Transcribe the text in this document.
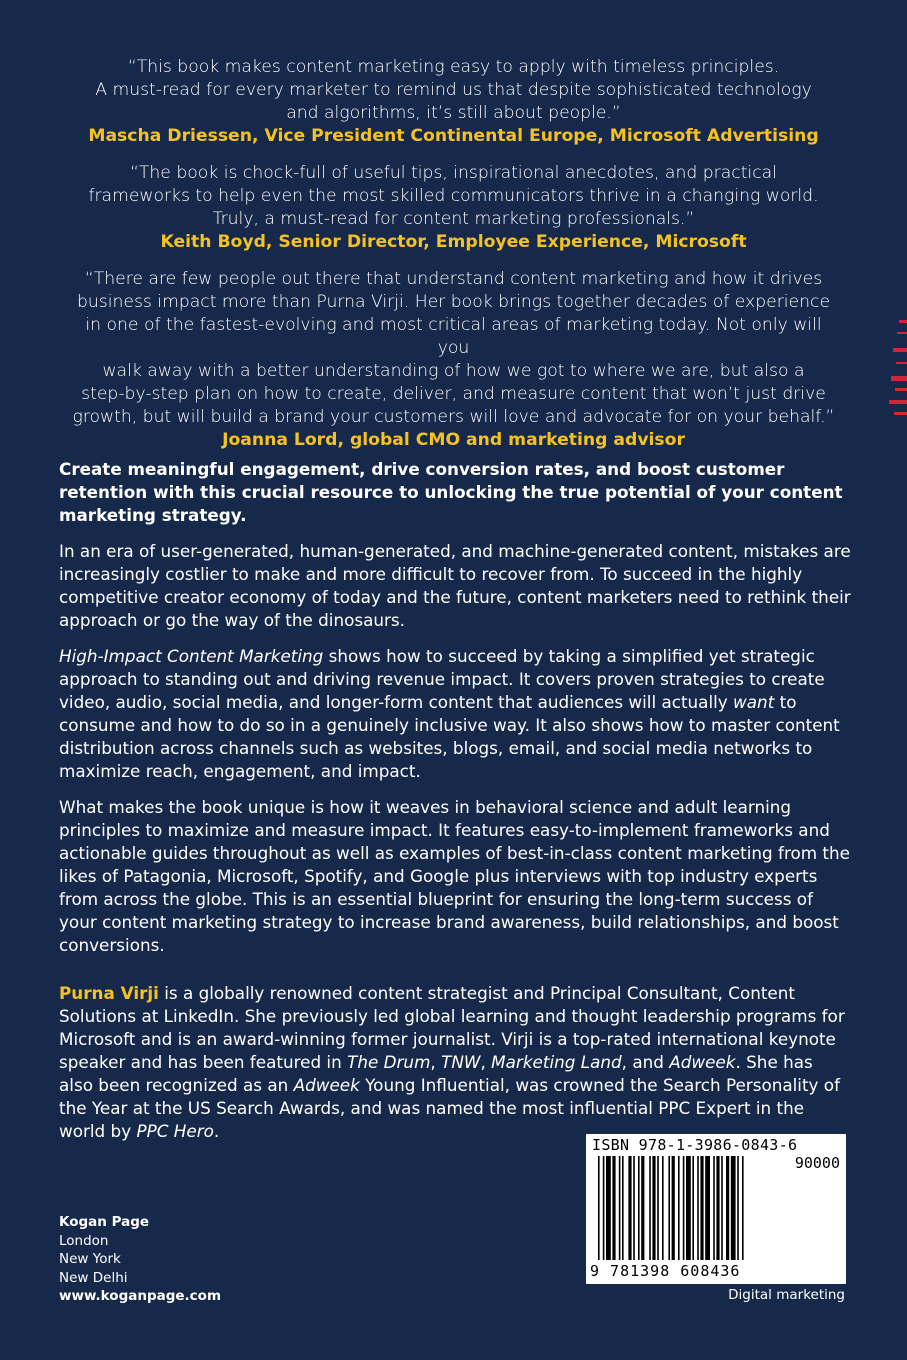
“This book makes content marketing easy to apply with timeless principles.

A must-read for every marketer to remind us that despite sophisticated technology

and algorithms, it’s still about people.”

Mascha Driessen, Vice President Continental Europe, Microsoft Advertising

“The book is chock-full of useful tips, inspirational anecdotes, and practical

frameworks to help even the most skilled communicators thrive in a changing world.

Truly, a must-read for content marketing professionals.”

Keith Boyd, Senior Director, Employee Experience, Microsoft

“There are few people out there that understand content marketing and how it drives

business impact more than Purna Virji. Her book brings together decades of experience

in one of the fastest-evolving and most critical areas of marketing today. Not only will you

walk away with a better understanding of how we got to where we are, but also a

step-by-step plan on how to create, deliver, and measure content that won’t just drive

growth, but will build a brand your customers will love and advocate for on your behalf.”

Joanna Lord, global CMO and marketing advisor

Create meaningful engagement, drive conversion rates, and boost customer retention with this crucial resource to unlocking the true potential of your content marketing strategy.

In an era of user-generated, human-generated, and machine-generated content, mistakes are increasingly costlier to make and more difficult to recover from. To succeed in the highly competitive creator economy of today and the future, content marketers need to rethink their approach or go the way of the dinosaurs.

High-Impact Content Marketing shows how to succeed by taking a simplified yet strategic approach to standing out and driving revenue impact. It covers proven strategies to create video, audio, social media, and longer-form content that audiences will actually want to consume and how to do so in a genuinely inclusive way. It also shows how to master content distribution across channels such as websites, blogs, email, and social media networks to maximize reach, engagement, and impact.

What makes the book unique is how it weaves in behavioral science and adult learning principles to maximize and measure impact. It features easy-to-implement frameworks and actionable guides throughout as well as examples of best-in-class content marketing from the likes of Patagonia, Microsoft, Spotify, and Google plus interviews with top industry experts from across the globe. This is an essential blueprint for ensuring the long-term success of your content marketing strategy to increase brand awareness, build relationships, and boost conversions.

Purna Virji is a globally renowned content strategist and Principal Consultant, Content Solutions at LinkedIn. She previously led global learning and thought leadership programs for Microsoft and is an award-winning former journalist. Virji is a top-rated international keynote speaker and has been featured in The Drum, TNW, Marketing Land, and Adweek. She has also been recognized as an Adweek Young Influential, was crowned the Search Personality of the Year at the US Search Awards, and was named the most influential PPC Expert in the world by PPC Hero.

Kogan Page
London
New York
New Delhi
www.koganpage.com
ISBN 978-1-3986-0843-6
90000
9 781398 608436
Digital marketing
